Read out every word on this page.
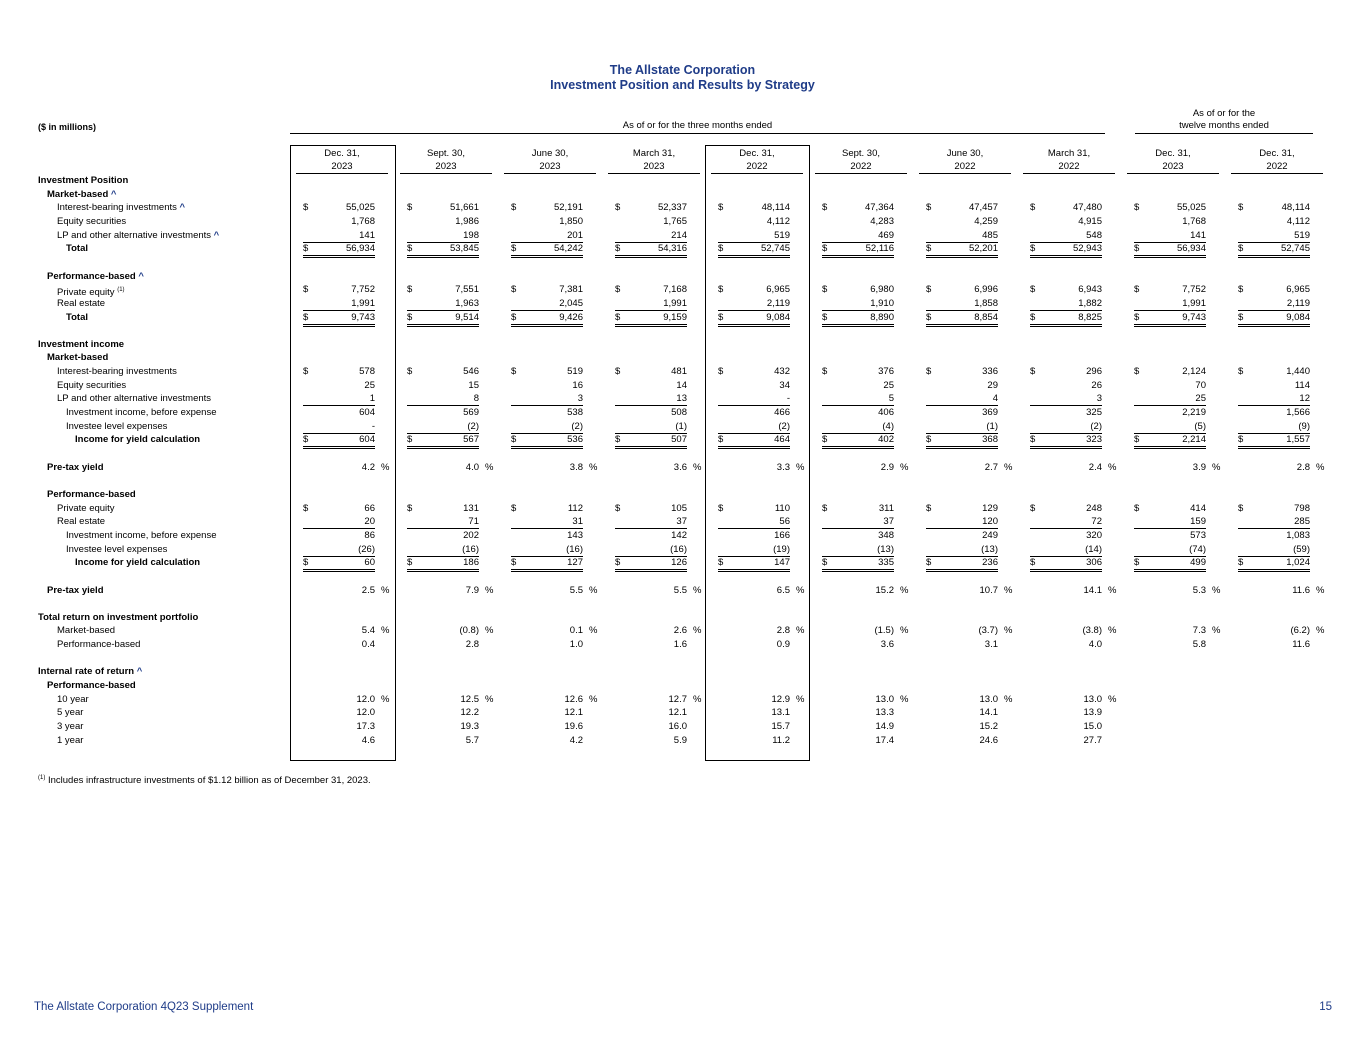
The Allstate Corporation
Investment Position and Results by Strategy
($ in millions)	As of or for the three months ended
As of or for the
twelve months ended
Dec. 31,

2023
Sept. 30,

2023
June 30,

2023
March 31,

2023
Dec. 31,

2022
Sept. 30,

2022
June 30,

2022
March 31,

2022
Dec. 31,

2023
Dec. 31,

2022
Investment Position
Market-based ^
Interest-bearing investments ^	$	55,025	$	51,661	$	52,191	$	52,337	$	48,114	$	47,364	$	47,457	$	47,480	$	55,025	$	48,114
Equity securities	1,768	1,986	1,850	1,765	4,112	4,283	4,259	4,915	1,768	4,112
LP and other alternative investments ^	141	198	201	214	519	469	485	548	141	519
Total	$	56,934	$	53,845	$	54,242	$	54,316	$	52,745	$	52,116	$	52,201	$	52,943	$	56,934	$	52,745
Performance-based ^
Private equity $^{(1)}$	$	7,752	$	7,551	$	7,381	$	7,168	$	6,965	$	6,980	$	6,996	$	6,943	$	7,752	$	6,965
Real estate	1,991	1,963	2,045	1,991	2,119	1,910	1,858	1,882	1,991	2,119
Total	$	9,743	$	9,514	$	9,426	$	9,159	$	9,084	$	8,890	$	8,854	$	8,825	$	9,743	$	9,084
Investment income
Market-based
Interest-bearing investments	$	578	$	546	$	519	$	481	$	432	$	376	$	336	$	296	$	2,124	$	1,440
Equity securities	25	15	16	14	34	25	29	26	70	114
LP and other alternative investments	1	8	3	13	-	5	4	3	25	12
Investment income, before expense	604	569	538	508	466	406	369	325	2,219	1,566
Investee level expenses	-	(2)	(2)	(1)	(2)	(4)	(1)	(2)	(5)	(9)
Income for yield calculation	$	604	$	567	$	536	$	507	$	464	$	402	$	368	$	323	$	2,214	$	1,557
Pre-tax yield	4.2 %	4.0 %	3.8 %	3.6 %	3.3 %	2.9 %	2.7 %	2.4 %	3.9 %	2.8 %
Performance-based
Private equity	$	66	$	131	$	112	$	105	$	110	$	311	$	129	$	248	$	414	$	798
Real estate	20	71	31	37	56	37	120	72	159	285
Investment income, before expense	86	202	143	142	166	348	249	320	573	1,083
Investee level expenses	(26)	(16)	(16)	(16)	(19)	(13)	(13)	(14)	(74)	(59)
Income for yield calculation	$	60	$	186	$	127	$	126	$	147	$	335	$	236	$	306	$	499	$	1,024
Pre-tax yield	2.5 %	7.9 %	5.5 %	5.5 %	6.5 %	15.2 %	10.7 %	14.1 %	5.3 %	11.6 %
Total return on investment portfolio
Market-based	5.4 %	(0.8) %	0.1 %	2.6 %	2.8 %	(1.5) %	(3.7) %	(3.8) %	7.3 %	(6.2) %
Performance-based	0.4	2.8	1.0	1.6	0.9	3.6	3.1	4.0	5.8	11.6
Internal rate of return ^
Performance-based
10 year	12.0 %	12.5 %	12.6 %	12.7 %	12.9 %	13.0 %	13.0 %	13.0 %
5 year	12.0	12.2	12.1	12.1	13.1	13.3	14.1	13.9
3 year	17.3	19.3	19.6	16.0	15.7	14.9	15.2	15.0
1 year	4.6	5.7	4.2	5.9	11.2	17.4	24.6	27.7
$^{(1)}$ Includes infrastructure investments of $1.12 billion as of December 31, 2023.
The Allstate Corporation 4Q23 Supplement	15
